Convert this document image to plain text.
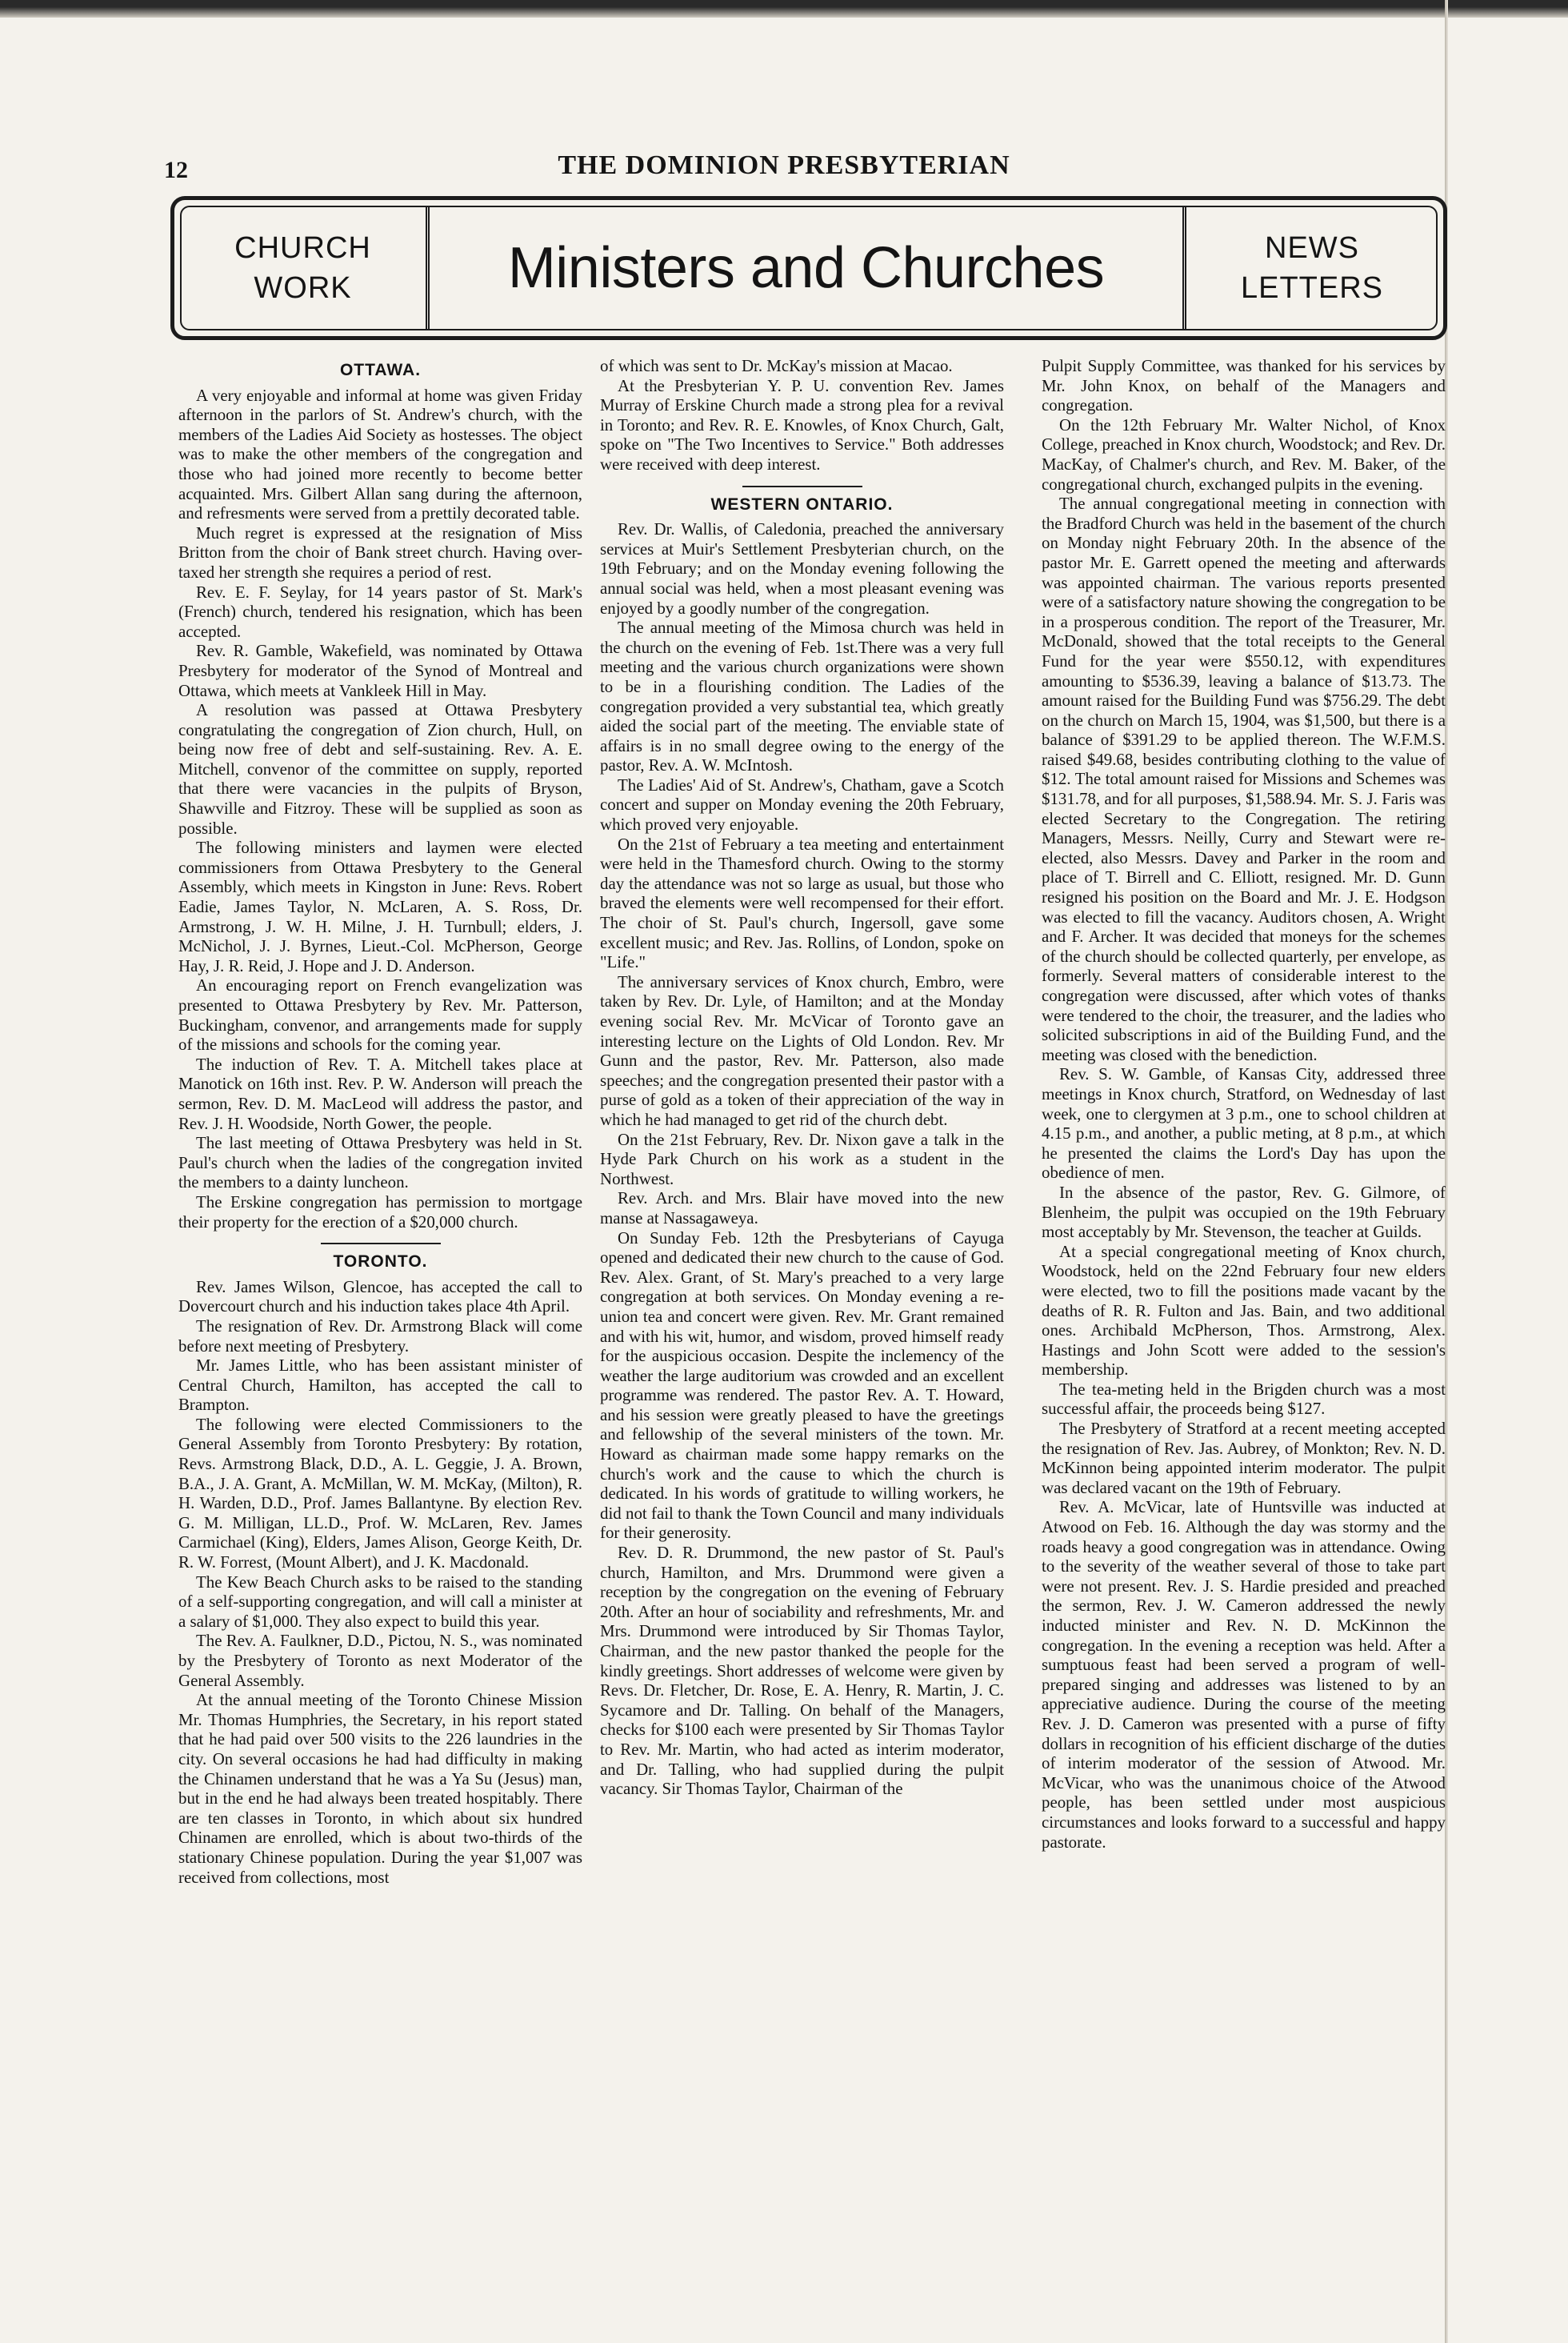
12	THE DOMINION PRESBYTERIAN
CHURCH
WORK	Ministers and Churches	NEWS
LETTERS
OTTAWA.

A very enjoyable and informal at home was given Friday afternoon in the parlors of St. Andrew's church, with the members of the Ladies Aid Society as hostesses. The object was to make the other members of the congregation and those who had joined more recently to become better acquainted. Mrs. Gilbert Allan sang during the afternoon, and refresments were served from a prettily decorated table.

Much regret is expressed at the resignation of Miss Britton from the choir of Bank street church. Having over-taxed her strength she requires a period of rest.

Rev. E. F. Seylay, for 14 years pastor of St. Mark's (French) church, tendered his resignation, which has been accepted.

Rev. R. Gamble, Wakefield, was nominated by Ottawa Presbytery for moderator of the Synod of Montreal and Ottawa, which meets at Vankleek Hill in May.

A resolution was passed at Ottawa Presbytery congratulating the congregation of Zion church, Hull, on being now free of debt and self-sustaining. Rev. A. E. Mitchell, convenor of the committee on supply, reported that there were vacancies in the pulpits of Bryson, Shawville and Fitzroy. These will be supplied as soon as possible.

The following ministers and laymen were elected commissioners from Ottawa Presbytery to the General Assembly, which meets in Kingston in June: Revs. Robert Eadie, James Taylor, N. McLaren, A. S. Ross, Dr. Armstrong, J. W. H. Milne, J. H. Turnbull; elders, J. McNichol, J. J. Byrnes, Lieut.-Col. McPherson, George Hay, J. R. Reid, J. Hope and J. D. Anderson.

An encouraging report on French evangelization was presented to Ottawa Presbytery by Rev. Mr. Patterson, Buckingham, convenor, and arrangements made for supply of the missions and schools for the coming year.

The induction of Rev. T. A. Mitchell takes place at Manotick on 16th inst. Rev. P. W. Anderson will preach the sermon, Rev. D. M. MacLeod will address the pastor, and Rev. J. H. Woodside, North Gower, the people.

The last meeting of Ottawa Presbytery was held in St. Paul's church when the ladies of the congregation invited the members to a dainty luncheon.

The Erskine congregation has permission to mortgage their property for the erection of a $20,000 church.

TORONTO.

Rev. James Wilson, Glencoe, has accepted the call to Dovercourt church and his induction takes place 4th April.

The resignation of Rev. Dr. Armstrong Black will come before next meeting of Presbytery.

Mr. James Little, who has been assistant minister of Central Church, Hamilton, has accepted the call to Brampton.

The following were elected Commissioners to the General Assembly from Toronto Presbytery: By rotation, Revs. Armstrong Black, D.D., A. L. Geggie, J. A. Brown, B.A., J. A. Grant, A. McMillan, W. M. McKay, (Milton), R. H. Warden, D.D., Prof. James Ballantyne. By election Rev. G. M. Milligan, LL.D., Prof. W. McLaren, Rev. James Carmichael (King), Elders, James Alison, George Keith, Dr. R. W. Forrest, (Mount Albert), and J. K. Macdonald.

The Kew Beach Church asks to be raised to the standing of a self-supporting congregation, and will call a minister at a salary of $1,000. They also expect to build this year.

The Rev. A. Faulkner, D.D., Pictou, N. S., was nominated by the Presbytery of Toronto as next Moderator of the General Assembly.

At the annual meeting of the Toronto Chinese Mission Mr. Thomas Humphries, the Secretary, in his report stated that he had paid over 500 visits to the 226 laundries in the city. On several occasions he had had difficulty in making the Chinamen understand that he was a Ya Su (Jesus) man, but in the end he had always been treated hospitably. There are ten classes in Toronto, in which about six hundred Chinamen are enrolled, which is about two-thirds of the stationary Chinese population. During the year $1,007 was received from collections, most

of which was sent to Dr. McKay's mission at Macao.

At the Presbyterian Y. P. U. convention Rev. James Murray of Erskine Church made a strong plea for a revival in Toronto; and Rev. R. E. Knowles, of Knox Church, Galt, spoke on "The Two Incentives to Service." Both addresses were received with deep interest.

WESTERN ONTARIO.

Rev. Dr. Wallis, of Caledonia, preached the anniversary services at Muir's Settlement Presbyterian church, on the 19th February; and on the Monday evening following the annual social was held, when a most pleasant evening was enjoyed by a goodly number of the congregation.

The annual meeting of the Mimosa church was held in the church on the evening of Feb. 1st.There was a very full meeting and the various church organizations were shown to be in a flourishing condition. The Ladies of the congregation provided a very substantial tea, which greatly aided the social part of the meeting. The enviable state of affairs is in no small degree owing to the energy of the pastor, Rev. A. W. McIntosh.

The Ladies' Aid of St. Andrew's, Chatham, gave a Scotch concert and supper on Monday evening the 20th February, which proved very enjoyable.

On the 21st of February a tea meeting and entertainment were held in the Thamesford church. Owing to the stormy day the attendance was not so large as usual, but those who braved the elements were well recompensed for their effort. The choir of St. Paul's church, Ingersoll, gave some excellent music; and Rev. Jas. Rollins, of London, spoke on "Life."

The anniversary services of Knox church, Embro, were taken by Rev. Dr. Lyle, of Hamilton; and at the Monday evening social Rev. Mr. McVicar of Toronto gave an interesting lecture on the Lights of Old London. Rev. Mr Gunn and the pastor, Rev. Mr. Patterson, also made speeches; and the congregation presented their pastor with a purse of gold as a token of their appreciation of the way in which he had managed to get rid of the church debt.

On the 21st February, Rev. Dr. Nixon gave a talk in the Hyde Park Church on his work as a student in the Northwest.

Rev. Arch. and Mrs. Blair have moved into the new manse at Nassagaweya.

On Sunday Feb. 12th the Presbyterians of Cayuga opened and dedicated their new church to the cause of God. Rev. Alex. Grant, of St. Mary's preached to a very large congregation at both services. On Monday evening a re-union tea and concert were given. Rev. Mr. Grant remained and with his wit, humor, and wisdom, proved himself ready for the auspicious occasion. Despite the inclemency of the weather the large auditorium was crowded and an excellent programme was rendered. The pastor Rev. A. T. Howard, and his session were greatly pleased to have the greetings and fellowship of the several ministers of the town. Mr. Howard as chairman made some happy remarks on the church's work and the cause to which the church is dedicated. In his words of gratitude to willing workers, he did not fail to thank the Town Council and many individuals for their generosity.

Rev. D. R. Drummond, the new pastor of St. Paul's church, Hamilton, and Mrs. Drummond were given a reception by the congregation on the evening of February 20th. After an hour of sociability and refreshments, Mr. and Mrs. Drummond were introduced by Sir Thomas Taylor, Chairman, and the new pastor thanked the people for the kindly greetings. Short addresses of welcome were given by Revs. Dr. Fletcher, Dr. Rose, E. A. Henry, R. Martin, J. C. Sycamore and Dr. Talling. On behalf of the Managers, checks for $100 each were presented by Sir Thomas Taylor to Rev. Mr. Martin, who had acted as interim moderator, and Dr. Talling, who had supplied during the pulpit vacancy. Sir Thomas Taylor, Chairman of the

Pulpit Supply Committee, was thanked for his services by Mr. John Knox, on behalf of the Managers and congregation.

On the 12th February Mr. Walter Nichol, of Knox College, preached in Knox church, Woodstock; and Rev. Dr. MacKay, of Chalmer's church, and Rev. M. Baker, of the congregational church, exchanged pulpits in the evening.

The annual congregational meeting in connection with the Bradford Church was held in the basement of the church on Monday night February 20th. In the absence of the pastor Mr. E. Garrett opened the meeting and afterwards was appointed chairman. The various reports presented were of a satisfactory nature showing the congregation to be in a prosperous condition. The report of the Treasurer, Mr. McDonald, showed that the total receipts to the General Fund for the year were $550.12, with expenditures amounting to $536.39, leaving a balance of $13.73. The amount raised for the Building Fund was $756.29. The debt on the church on March 15, 1904, was $1,500, but there is a balance of $391.29 to be applied thereon. The W.F.M.S. raised $49.68, besides contributing clothing to the value of $12. The total amount raised for Missions and Schemes was $131.78, and for all purposes, $1,588.94. Mr. S. J. Faris was elected Secretary to the Congregation. The retiring Managers, Messrs. Neilly, Curry and Stewart were re-elected, also Messrs. Davey and Parker in the room and place of T. Birrell and C. Elliott, resigned. Mr. D. Gunn resigned his position on the Board and Mr. J. E. Hodgson was elected to fill the vacancy. Auditors chosen, A. Wright and F. Archer. It was decided that moneys for the schemes of the church should be collected quarterly, per envelope, as formerly. Several matters of considerable interest to the congregation were discussed, after which votes of thanks were tendered to the choir, the treasurer, and the ladies who solicited subscriptions in aid of the Building Fund, and the meeting was closed with the benediction.

Rev. S. W. Gamble, of Kansas City, addressed three meetings in Knox church, Stratford, on Wednesday of last week, one to clergymen at 3 p.m., one to school children at 4.15 p.m., and another, a public meting, at 8 p.m., at which he presented the claims the Lord's Day has upon the obedience of men.

In the absence of the pastor, Rev. G. Gilmore, of Blenheim, the pulpit was occupied on the 19th February most acceptably by Mr. Stevenson, the teacher at Guilds.

At a special congregational meeting of Knox church, Woodstock, held on the 22nd February four new elders were elected, two to fill the positions made vacant by the deaths of R. R. Fulton and Jas. Bain, and two additional ones. Archibald McPherson, Thos. Armstrong, Alex. Hastings and John Scott were added to the session's membership.

The tea-meting held in the Brigden church was a most successful affair, the proceeds being $127.

The Presbytery of Stratford at a recent meeting accepted the resignation of Rev. Jas. Aubrey, of Monkton; Rev. N. D. McKinnon being appointed interim moderator. The pulpit was declared vacant on the 19th of February.

Rev. A. McVicar, late of Huntsville was inducted at Atwood on Feb. 16. Although the day was stormy and the roads heavy a good congregation was in attendance. Owing to the severity of the weather several of those to take part were not present. Rev. J. S. Hardie presided and preached the sermon, Rev. J. W. Cameron addressed the newly inducted minister and Rev. N. D. McKinnon the congregation. In the evening a reception was held. After a sumptuous feast had been served a program of well-prepared singing and addresses was listened to by an appreciative audience. During the course of the meeting Rev. J. D. Cameron was presented with a purse of fifty dollars in recognition of his efficient discharge of the duties of interim moderator of the session of Atwood. Mr. McVicar, who was the unanimous choice of the Atwood people, has been settled under most auspicious circumstances and looks forward to a successful and happy pastorate.
